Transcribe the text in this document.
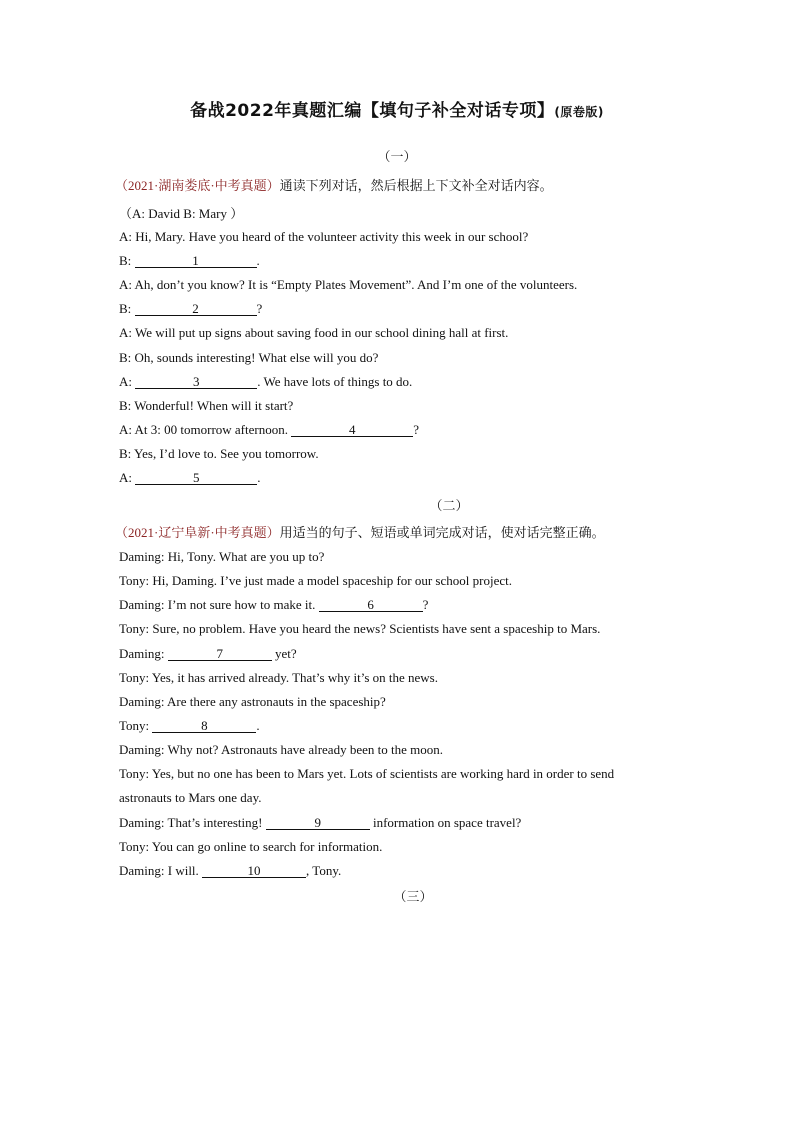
备战2022年真题汇编【填句子补全对话专项】(原卷版)
（一）
（2021·湖南娄底·中考真题）通读下列对话，然后根据上下文补全对话内容。
（A: David B: Mary ）
A: Hi, Mary. Have you heard of the volunteer activity this week in our school?
B:	1	.
A: Ah, don’t you know? It is “Empty Plates Movement”. And I’m one of the volunteers.
B:	2	?
A: We will put up signs about saving food in our school dining hall at first.
B: Oh, sounds interesting! What else will you do?
A:	3	. We have lots of things to do.
B: Wonderful! When will it start?
A: At 3: 00 tomorrow afternoon.	4	?
B: Yes, I’d love to. See you tomorrow.
A:	5	.
（二）
（2021·辽宁阜新·中考真题）用适当的句子、短语或单词完成对话，使对话完整正确。
Daming: Hi, Tony. What are you up to?
Tony: Hi, Daming. I’ve just made a model spaceship for our school project.
Daming: I’m not sure how to make it.	6	?
Tony: Sure, no problem. Have you heard the news? Scientists have sent a spaceship to Mars.
Daming:	7	yet?
Tony: Yes, it has arrived already. That’s why it’s on the news.
Daming: Are there any astronauts in the spaceship?
Tony:	8	.
Daming: Why not? Astronauts have already been to the moon.
Tony: Yes, but no one has been to Mars yet. Lots of scientists are working hard in order to send
astronauts to Mars one day.
Daming: That’s interesting!	9	information on space travel?
Tony: You can go online to search for information.
Daming: I will.	10	, Tony.
（三）
